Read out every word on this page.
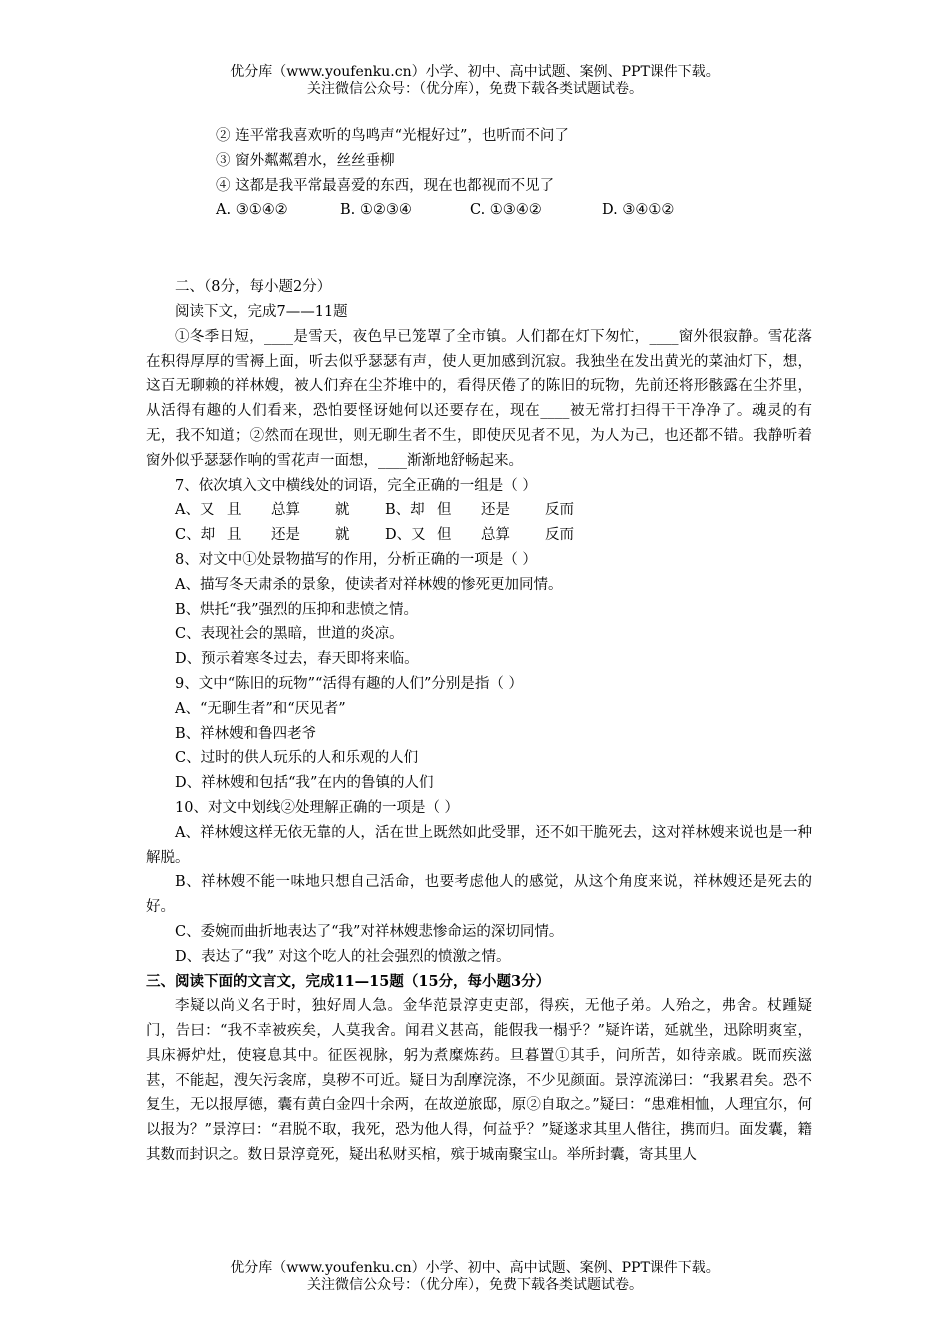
优分库（www.youfenku.cn）小学、初中、高中试题、案例、PPT课件下载。
关注微信公众号：（优分库），免费下载各类试题试卷。
② 连平常我喜欢听的鸟鸣声“光棍好过”，也听而不问了
③ 窗外粼粼碧水，丝丝垂柳
④ 这都是我平常最喜爱的东西，现在也都视而不见了
A. ③①④②	B. ①②③④	C. ①③④②	D. ③④①②
二、（8分，每小题2分）
阅读下文，完成7——11题
①冬季日短，____是雪天，夜色早已笼罩了全市镇。人们都在灯下匆忙，____窗外很寂静。雪花落在积得厚厚的雪褥上面，听去似乎瑟瑟有声，使人更加感到沉寂。我独坐在发出黄光的菜油灯下，想，这百无聊赖的祥林嫂，被人们弃在尘芥堆中的，看得厌倦了的陈旧的玩物，先前还将形骸露在尘芥里，从活得有趣的人们看来，恐怕要怪讶她何以还要存在，现在____被无常打扫得干干净净了。魂灵的有无，我不知道；②然而在现世，则无聊生者不生，即使厌见者不见，为人为己，也还都不错。我静听着窗外似乎瑟瑟作响的雪花声一面想，____渐渐地舒畅起来。
7、依次填入文中横线处的词语，完全正确的一组是（ ）
A、又 且	总算	就	B、却 但	还是	反而
C、却 且	还是	就	D、又 但	总算	反而
8、对文中①处景物描写的作用，分析正确的一项是（ ）
A、描写冬天肃杀的景象，使读者对祥林嫂的惨死更加同情。
B、烘托“我”强烈的压抑和悲愤之情。
C、表现社会的黑暗，世道的炎凉。
D、预示着寒冬过去，春天即将来临。
9、文中“陈旧的玩物”“活得有趣的人们”分别是指（ ）
A、“无聊生者”和“厌见者”
B、祥林嫂和鲁四老爷
C、过时的供人玩乐的人和乐观的人们
D、祥林嫂和包括“我”在内的鲁镇的人们
10、对文中划线②处理解正确的一项是（ ）
A、祥林嫂这样无依无靠的人，活在世上既然如此受罪，还不如干脆死去，这对祥林嫂来说也是一种解脱。
B、祥林嫂不能一味地只想自己活命，也要考虑他人的感觉，从这个角度来说，祥林嫂还是死去的好。
C、委婉而曲折地表达了“我”对祥林嫂悲惨命运的深切同情。
D、表达了“我” 对这个吃人的社会强烈的愤激之情。
三、阅读下面的文言文，完成11—15题（15分，每小题3分）
李疑以尚义名于时，独好周人急。金华范景淳吏吏部，得疾，无他子弟。人殆之，弗舍。杖踵疑门，告曰：“我不幸被疾矣，人莫我舍。闻君义甚高，能假我一榻乎？”疑许诺，延就坐，迅除明爽室，具床褥炉灶，使寝息其中。征医视脉，躬为煮糜炼药。旦暮置①其手，问所苦，如待亲戚。既而疾滋甚，不能起，溲矢污衾席，臭秽不可近。疑日为刮摩浣涤，不少见颜面。景淳流涕曰：“我累君矣。恐不复生，无以报厚德，囊有黄白金四十余两，在故逆旅邸，原②自取之。”疑曰：“患难相恤，人理宜尔，何以报为？”景淳曰：“君脱不取，我死，恐为他人得，何益乎？”疑遂求其里人偕往，携而归。面发囊，籍其数而封识之。数日景淳竟死，疑出私财买棺，殡于城南聚宝山。举所封囊，寄其里人
优分库（www.youfenku.cn）小学、初中、高中试题、案例、PPT课件下载。
关注微信公众号：（优分库），免费下载各类试题试卷。
